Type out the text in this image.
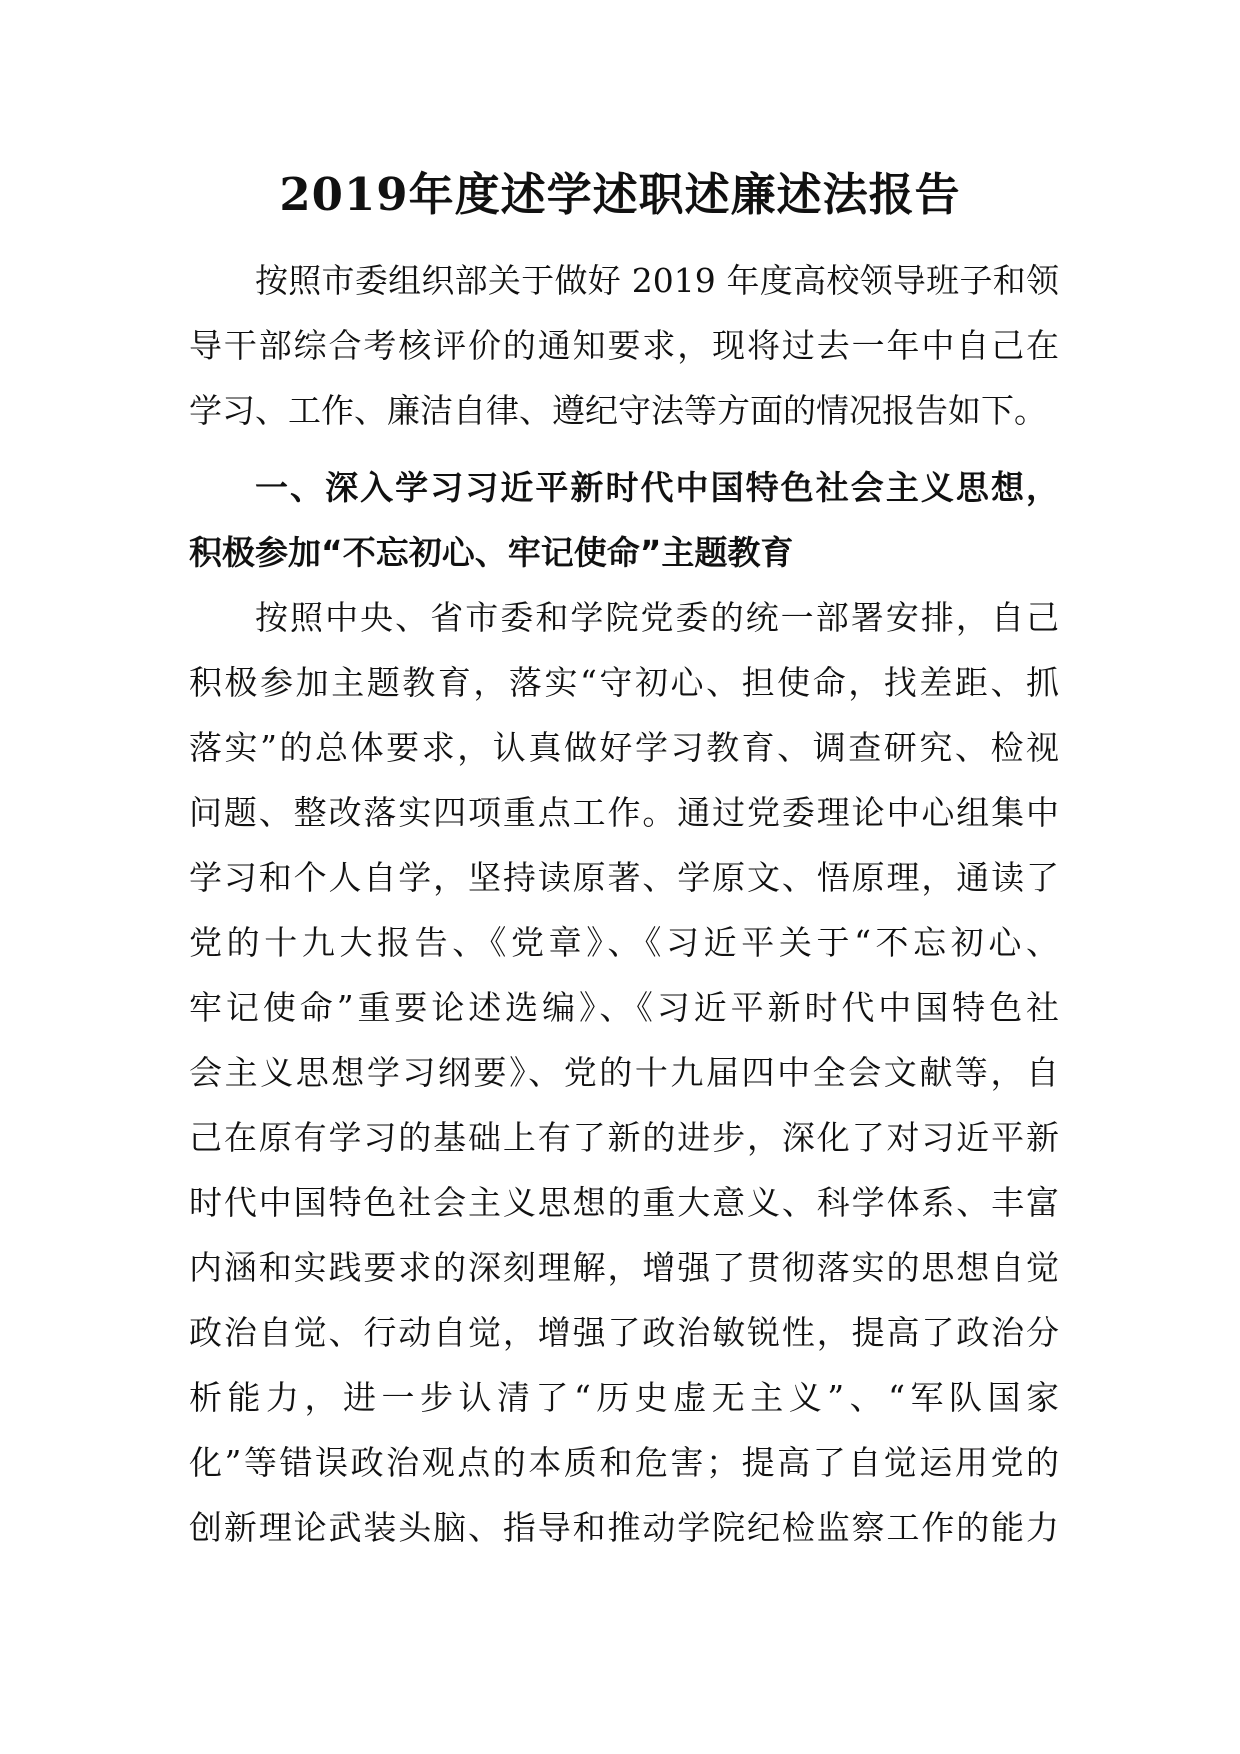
2019年度述学述职述廉述法报告
按照市委组织部关于做好 2019 年度高校领导班子和领
导干部综合考核评价的通知要求，现将过去一年中自己在
学习、工作、廉洁自律、遵纪守法等方面的情况报告如下。
一、深入学习习近平新时代中国特色社会主义思想，
积极参加“不忘初心、牢记使命”主题教育
按照中央、省市委和学院党委的统一部署安排，自己
积极参加主题教育，落实“守初心、担使命，找差距、抓
落实”的总体要求，认真做好学习教育、调查研究、检视
问题、整改落实四项重点工作。通过党委理论中心组集中
学习和个人自学，坚持读原著、学原文、悟原理，通读了
党的十九大报告、《党章》、《习近平关于“不忘初心、
牢记使命”重要论述选编》、《习近平新时代中国特色社
会主义思想学习纲要》、党的十九届四中全会文献等，自
己在原有学习的基础上有了新的进步，深化了对习近平新
时代中国特色社会主义思想的重大意义、科学体系、丰富
内涵和实践要求的深刻理解，增强了贯彻落实的思想自觉
政治自觉、行动自觉，增强了政治敏锐性，提高了政治分
析能力，进一步认清了“历史虚无主义”、“军队国家
化”等错误政治观点的本质和危害；提高了自觉运用党的
创新理论武装头脑、指导和推动学院纪检监察工作的能力
